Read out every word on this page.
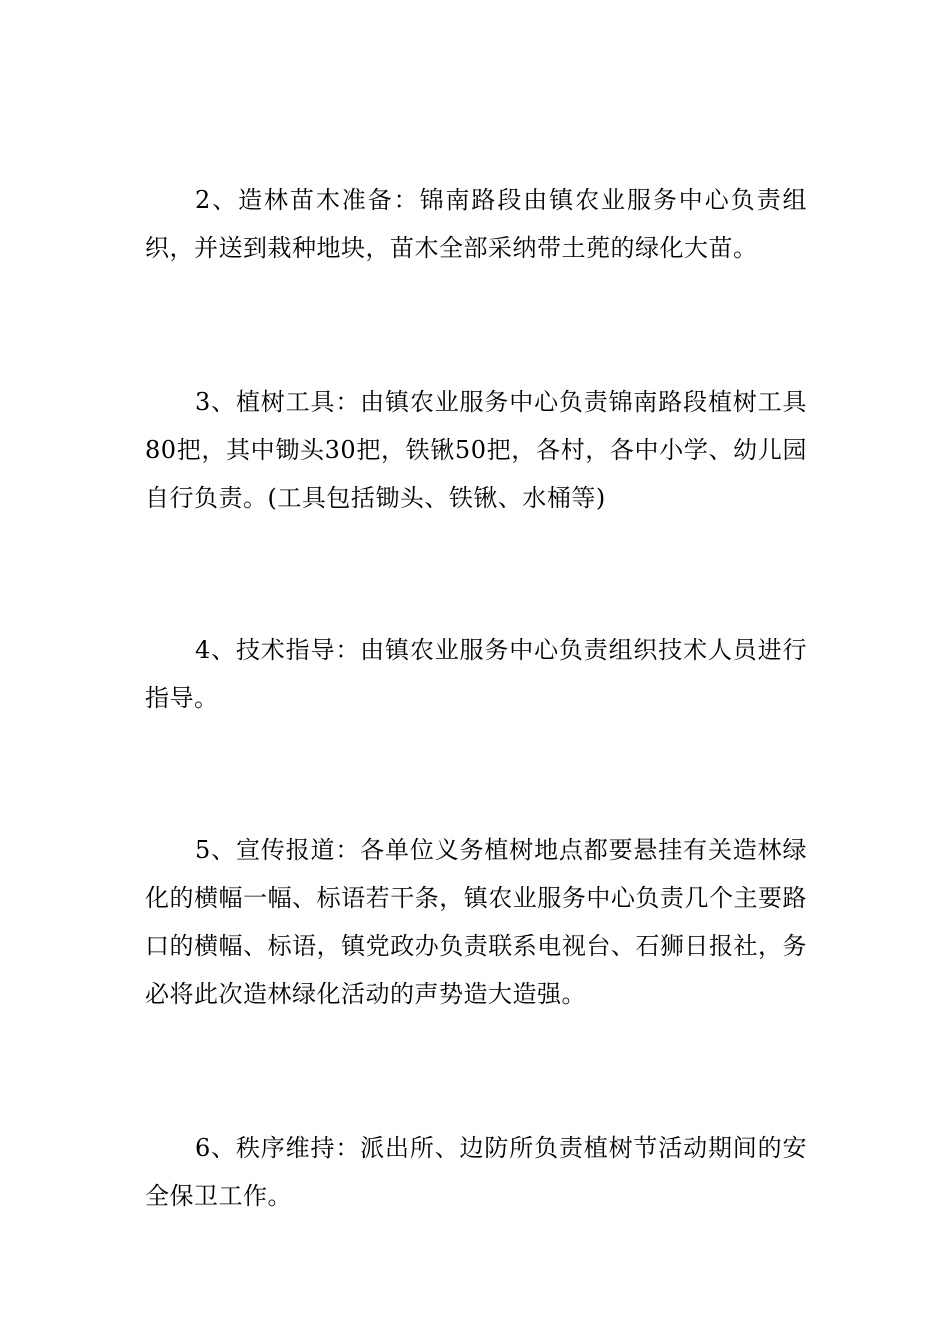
2、造林苗木准备：锦南路段由镇农业服务中心负责组织，并送到栽种地块，苗木全部采纳带土蔸的绿化大苗。

3、植树工具：由镇农业服务中心负责锦南路段植树工具80把，其中锄头30把，铁锹50把，各村，各中小学、幼儿园自行负责。(工具包括锄头、铁锹、水桶等)

4、技术指导：由镇农业服务中心负责组织技术人员进行指导。

5、宣传报道：各单位义务植树地点都要悬挂有关造林绿化的横幅一幅、标语若干条，镇农业服务中心负责几个主要路口的横幅、标语，镇党政办负责联系电视台、石狮日报社，务必将此次造林绿化活动的声势造大造强。

6、秩序维持：派出所、边防所负责植树节活动期间的安全保卫工作。
